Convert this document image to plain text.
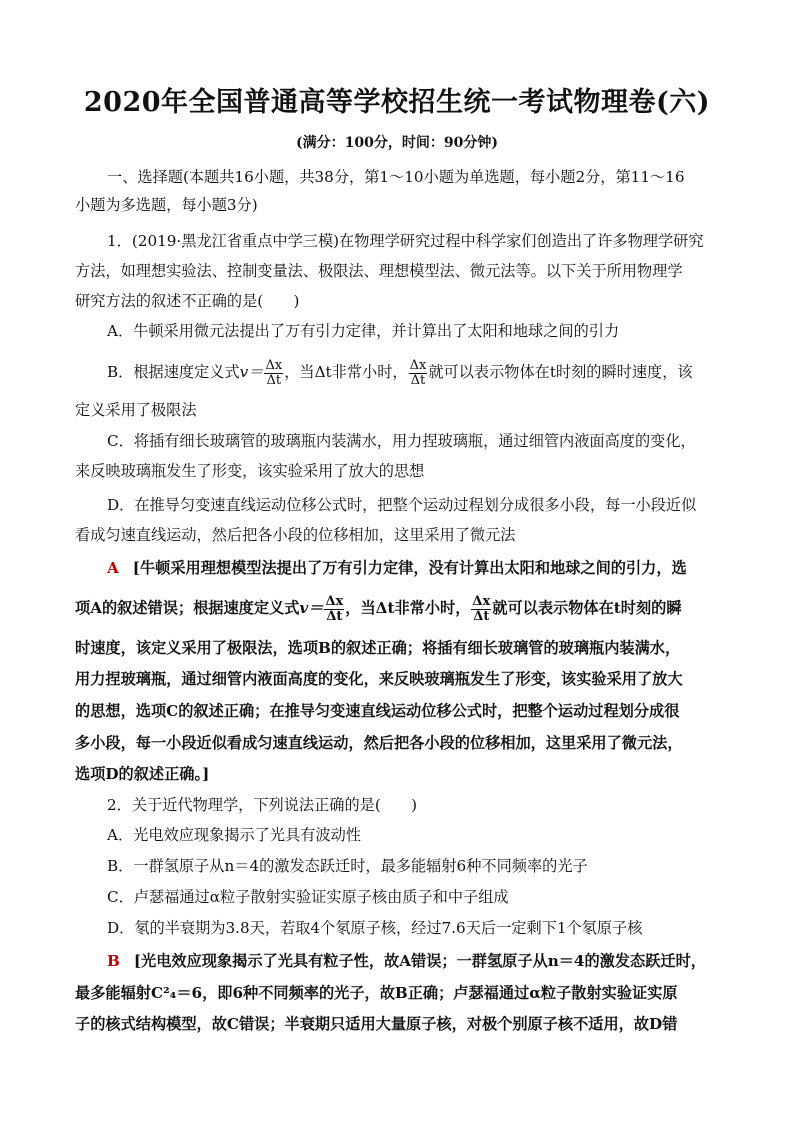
2020年全国普通高等学校招生统一考试物理卷(六)
(满分：100分，时间：90分钟)
一、选择题(本题共16小题，共38分，第1～10小题为单选题，每小题2分，第11～16
小题为多选题，每小题3分)
1．(2019·黑龙江省重点中学三模)在物理学研究过程中科学家们创造出了许多物理学研究
方法，如理想实验法、控制变量法、极限法、理想模型法、微元法等。以下关于所用物理学
研究方法的叙述不正确的是(　　)
A．牛顿采用微元法提出了万有引力定律，并计算出了太阳和地球之间的引力
B．根据速度定义式$v= \frac{\Delta x}{\Delta t}$ ，当Δt非常小时， $\frac{\Delta x}{\Delta t}$ 就可以表示物体在t时刻的瞬时速度，该
定义采用了极限法
C．将插有细长玻璃管的玻璃瓶内装满水，用力捏玻璃瓶，通过细管内液面高度的变化，
来反映玻璃瓶发生了形变，该实验采用了放大的思想
D．在推导匀变速直线运动位移公式时，把整个运动过程划分成很多小段，每一小段近似
看成匀速直线运动，然后把各小段的位移相加，这里采用了微元法
A [牛顿采用理想模型法提出了万有引力定律，没有计算出太阳和地球之间的引力，选
项A的叙述错误；根据速度定义式$v= \frac{\Delta x}{\Delta t}$ ，当Δt非常小时， $\frac{\Delta x}{\Delta t}$ 就可以表示物体在t时刻的瞬
时速度，该定义采用了极限法，选项B的叙述正确；将插有细长玻璃管的玻璃瓶内装满水，
用力捏玻璃瓶，通过细管内液面高度的变化，来反映玻璃瓶发生了形变，该实验采用了放大
的思想，选项C的叙述正确；在推导匀变速直线运动位移公式时，把整个运动过程划分成很
多小段，每一小段近似看成匀速直线运动，然后把各小段的位移相加，这里采用了微元法，
选项D的叙述正确。]
2．关于近代物理学，下列说法正确的是(　　)
A．光电效应现象揭示了光具有波动性
B．一群氢原子从n＝4的激发态跃迁时，最多能辐射6种不同频率的光子
C．卢瑟福通过α粒子散射实验证实原子核由质子和中子组成
D．氡的半衰期为3.8天，若取4个氡原子核，经过7.6天后一定剩下1个氡原子核
B [光电效应现象揭示了光具有粒子性，故A错误；一群氢原子从n＝4的激发态跃迁时，
最多能辐射C²₄＝6，即6种不同频率的光子，故B正确；卢瑟福通过α粒子散射实验证实原
子的核式结构模型，故C错误；半衰期只适用大量原子核，对极个别原子核不适用，故D错
